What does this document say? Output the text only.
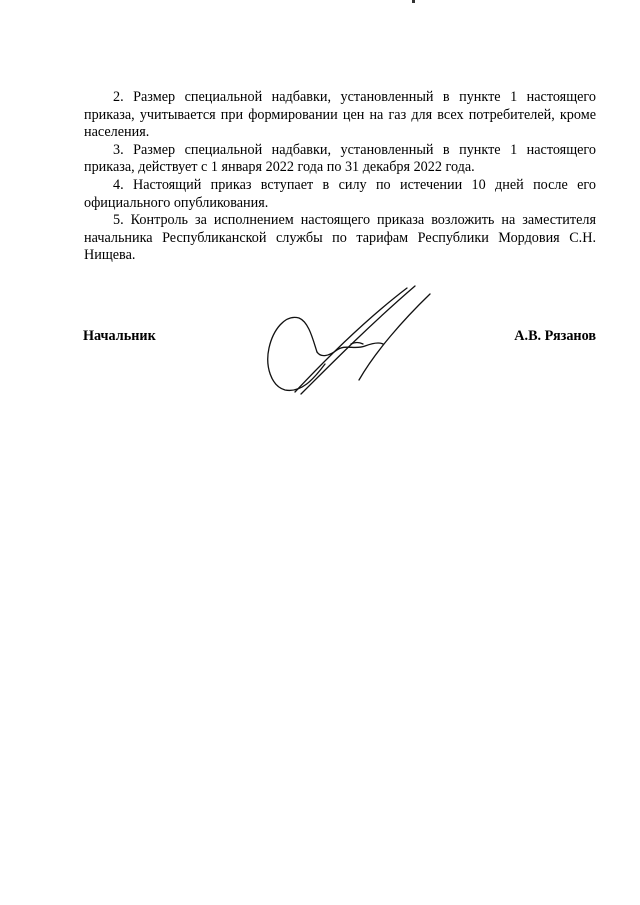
2. Размер специальной надбавки, установленный в пункте 1 настоящего приказа, учитывается при формировании цен на газ для всех потребителей, кроме населения.

3. Размер специальной надбавки, установленный в пункте 1 настоящего приказа, действует с 1 января 2022 года по 31 декабря 2022 года.

4. Настоящий приказ вступает в силу по истечении 10 дней после его официального опубликования.

5. Контроль за исполнением настоящего приказа возложить на заместителя начальника Республиканской службы по тарифам Республики Мордовия С.Н. Нищева.

Начальник	А.В. Рязанов
